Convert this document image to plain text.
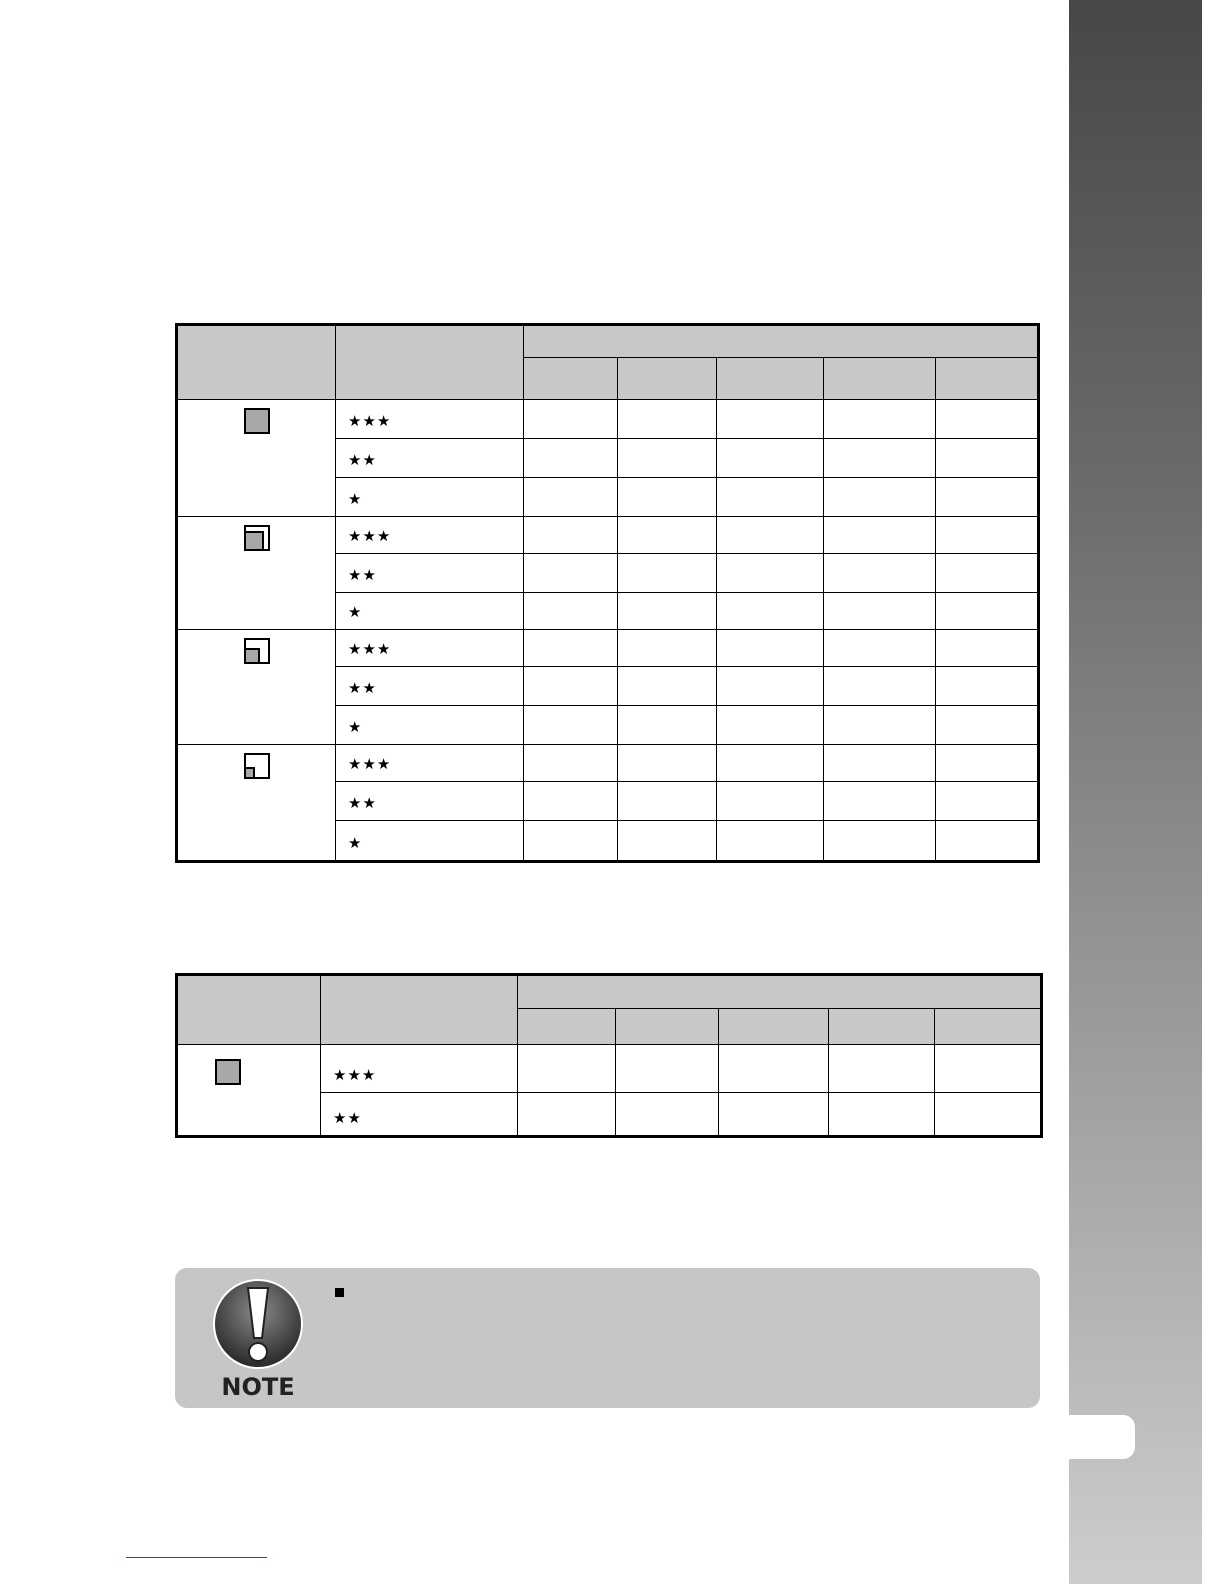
	★★★					
	★★					
	★					

	★★★					
	★★					
	★					

	★★★					
	★★					
	★					

	★★★					
	★★					
	★					

	★★★					
	★★					
NOTE
